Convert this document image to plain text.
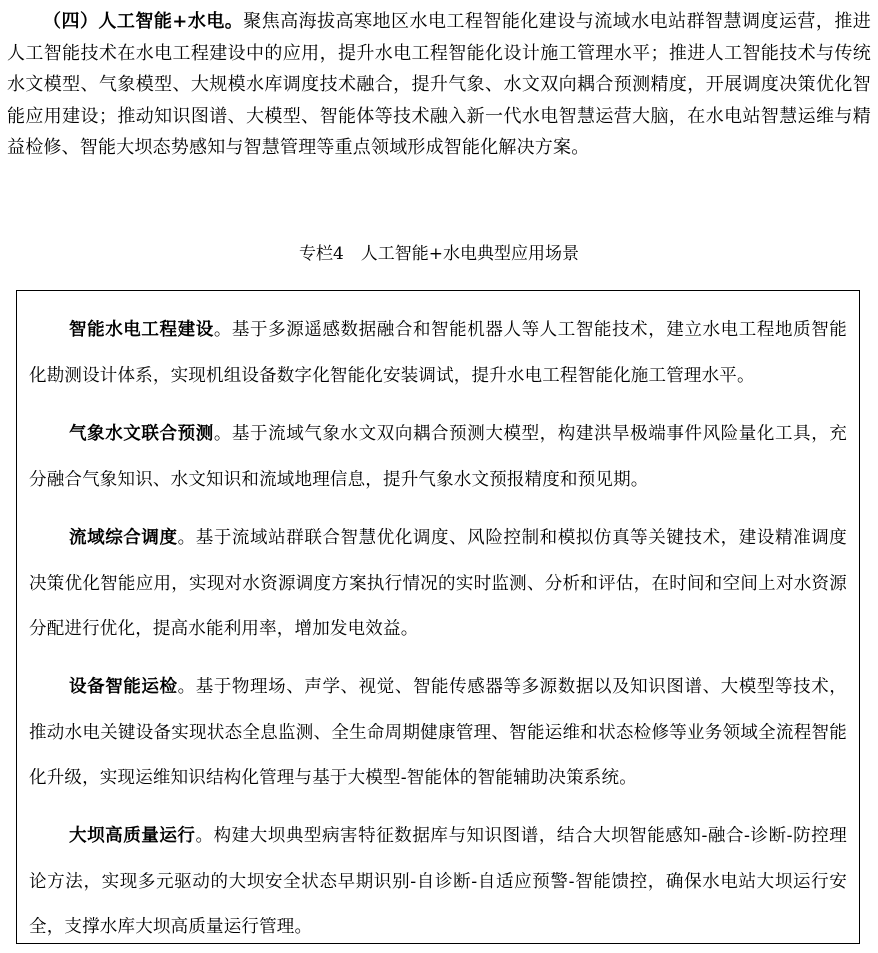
（四）人工智能+水电。聚焦高海拔高寒地区水电工程智能化建设与流域水电站群智慧调度运营，推进人工智能技术在水电工程建设中的应用，提升水电工程智能化设计施工管理水平；推进人工智能技术与传统水文模型、气象模型、大规模水库调度技术融合，提升气象、水文双向耦合预测精度，开展调度决策优化智能应用建设；推动知识图谱、大模型、智能体等技术融入新一代水电智慧运营大脑，在水电站智慧运维与精益检修、智能大坝态势感知与智慧管理等重点领域形成智能化解决方案。

专栏4　人工智能+水电典型应用场景

智能水电工程建设。基于多源遥感数据融合和智能机器人等人工智能技术，建立水电工程地质智能化勘测设计体系，实现机组设备数字化智能化安装调试，提升水电工程智能化施工管理水平。

气象水文联合预测。基于流域气象水文双向耦合预测大模型，构建洪旱极端事件风险量化工具，充分融合气象知识、水文知识和流域地理信息，提升气象水文预报精度和预见期。

流域综合调度。基于流域站群联合智慧优化调度、风险控制和模拟仿真等关键技术，建设精准调度决策优化智能应用，实现对水资源调度方案执行情况的实时监测、分析和评估，在时间和空间上对水资源分配进行优化，提高水能利用率，增加发电效益。

设备智能运检。基于物理场、声学、视觉、智能传感器等多源数据以及知识图谱、大模型等技术，推动水电关键设备实现状态全息监测、全生命周期健康管理、智能运维和状态检修等业务领域全流程智能化升级，实现运维知识结构化管理与基于大模型-智能体的智能辅助决策系统。

大坝高质量运行。构建大坝典型病害特征数据库与知识图谱，结合大坝智能感知-融合-诊断-防控理论方法，实现多元驱动的大坝安全状态早期识别-自诊断-自适应预警-智能馈控，确保水电站大坝运行安全，支撑水库大坝高质量运行管理。
